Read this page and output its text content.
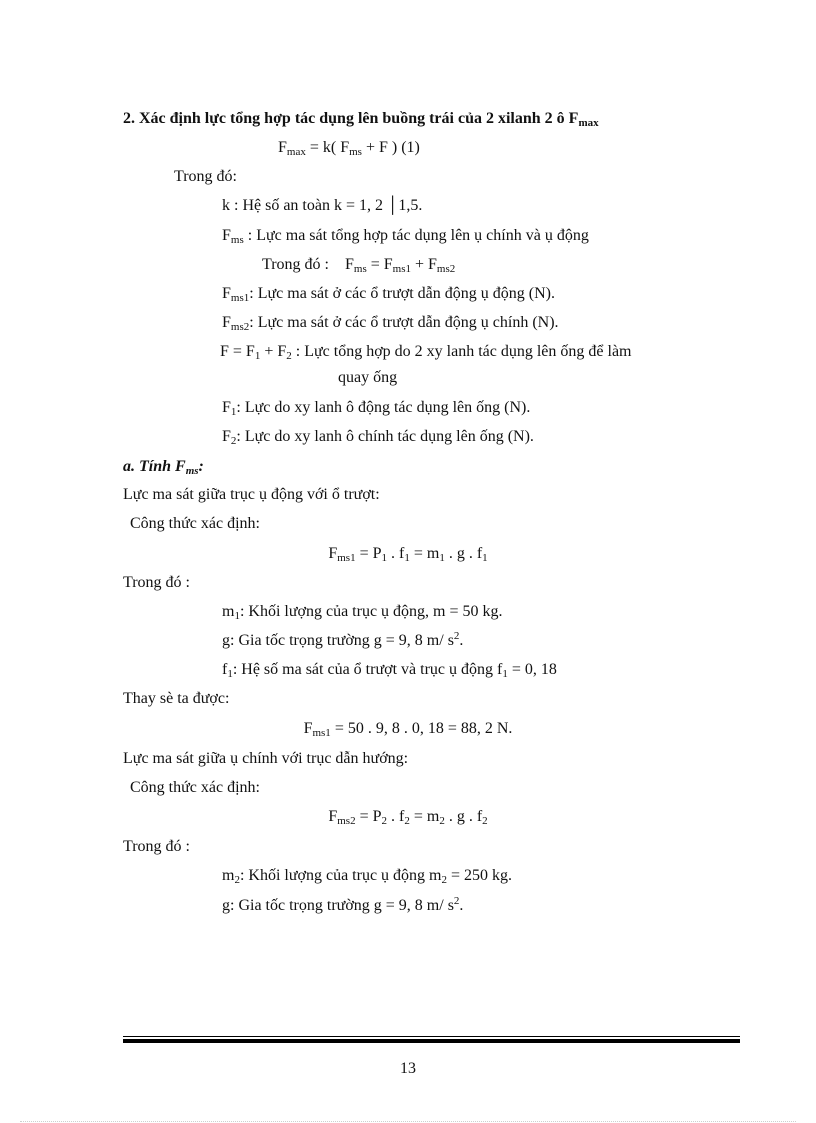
2. Xác định lực tổng hợp tác dụng lên buồng trái của 2 xilanh 2 ô $F_{max}$
$F_{max} = k$( $F_{ms} + F$ ) (1)
Trong đó:
k : Hệ số an toàn k = 1, 2 │1,5.
$F_{ms}$ : Lực ma sát tổng hợp tác dụng lên ụ chính và ụ động
Trong đó : $F_{ms} = F_{ms1} + F_{ms2}$
$F_{ms1}$: Lực ma sát ở các ổ trượt dẫn động ụ động (N).
$F_{ms2}$: Lực ma sát ở các ổ trượt dẫn động ụ chính (N).
$F = F_1 + F_2$ : Lực tổng hợp do 2 xy lanh tác dụng lên ống để làm
quay ống
$F_1$: Lực do xy lanh ô động tác dụng lên ống (N).
$F_2$: Lực do xy lanh ô chính tác dụng lên ống (N).
a. Tính $F_{ms}$:
Lực ma sát giữa trục ụ động với ổ trượt:
Công thức xác định:
$F_{ms1} = P_1$ . $f_1 = m_1$ . g . $f_1$
Trong đó :
$m_1$: Khối lượng của trục ụ động, m = 50 kg.
g: Gia tốc trọng trường g = 9, 8 m/ $s^2$.
$f_1$: Hệ số ma sát của ổ trượt và trục ụ động $f_1 = 0$, 18
Thay sè ta được:
$F_{ms1} = 50$ . 9, 8 . 0, 18 = 88, 2 N.
Lực ma sát giữa ụ chính với trục dẫn hướng:
Công thức xác định:
$F_{ms2} = P_2$ . $f_2 = m_2$ . g . $f_2$
Trong đó :
$m_2$: Khối lượng của trục ụ động $m_2 = 250$ kg.
g: Gia tốc trọng trường g = 9, 8 m/ $s^2$.
13
